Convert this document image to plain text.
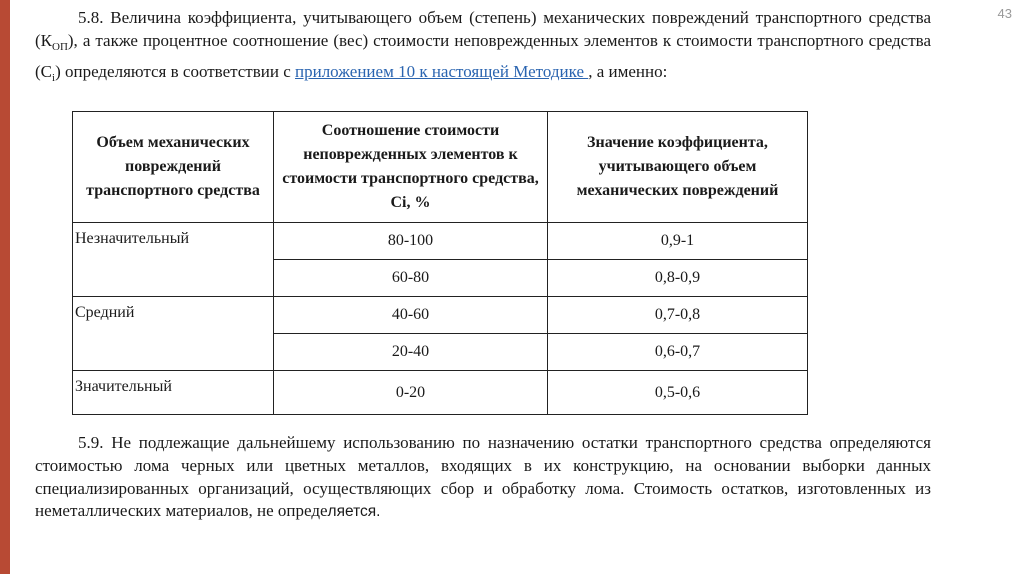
43
5.8. Величина коэффициента, учитывающего объем (степень) механических повреждений транспортного средства $(К_{ОП})$, а также процентное соотношение (вес) стоимости неповрежденных элементов к стоимости транспортного средства $(С_i)$ определяются в соответствии с приложением 10 к настоящей Методике , а именно:
Объем механических повреждений транспортного средства	Соотношение стоимости неповрежденных элементов к стоимости транспортного средства, Ci, %	Значение коэффициента, учитывающего объем механических повреждений
Незначительный	80-100	0,9-1
	60-80	0,8-0,9
Средний	40-60	0,7-0,8
	20-40	0,6-0,7
Значительный	0-20	0,5-0,6
5.9. Не подлежащие дальнейшему использованию по назначению остатки транспортного средства определяются стоимостью лома черных или цветных металлов, входящих в их конструкцию, на основании выборки данных специализированных организаций, осуществляющих сбор и обработку лома. Стоимость остатков, изготовленных из неметаллических материалов, не определяется.
